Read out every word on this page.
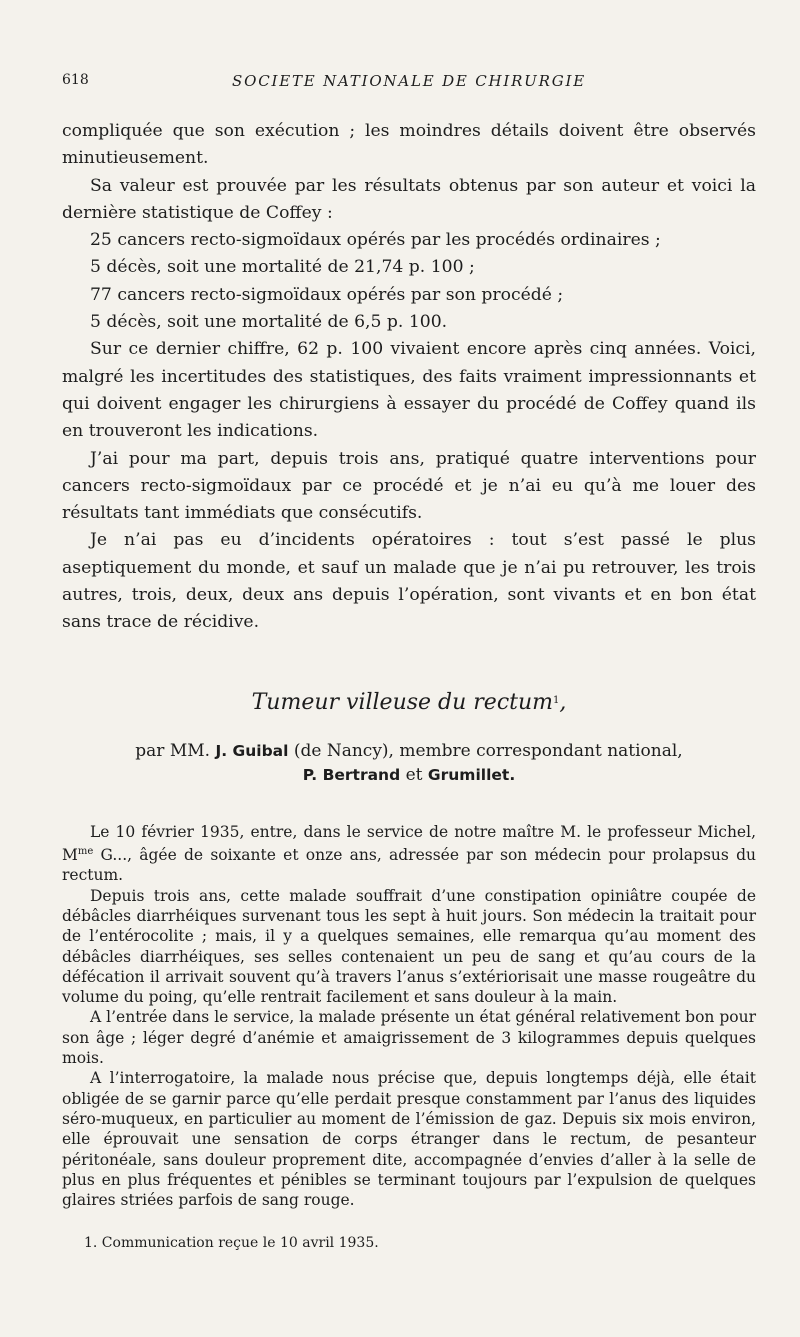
618	SOCIETE NATIONALE DE CHIRURGIE

compliquée que son exécution ; les moindres détails doivent être observés minutieusement.

Sa valeur est prouvée par les résultats obtenus par son auteur et voici la dernière statistique de Coffey :

25 cancers recto-sigmoïdaux opérés par les procédés ordinaires ;

5 décès, soit une mortalité de 21,74 p. 100 ;

77 cancers recto-sigmoïdaux opérés par son procédé ;

5 décès, soit une mortalité de 6,5 p. 100.

Sur ce dernier chiffre, 62 p. 100 vivaient encore après cinq années. Voici, malgré les incertitudes des statistiques, des faits vraiment impressionnants et qui doivent engager les chirurgiens à essayer du procédé de Coffey quand ils en trouveront les indications.

J’ai pour ma part, depuis trois ans, pratiqué quatre interventions pour cancers recto-sigmoïdaux par ce procédé et je n’ai eu qu’à me louer des résultats tant immédiats que consécutifs.

Je n’ai pas eu d’incidents opératoires : tout s’est passé le plus aseptiquement du monde, et sauf un malade que je n’ai pu retrouver, les trois autres, trois, deux, deux ans depuis l’opération, sont vivants et en bon état sans trace de récidive.

Tumeur villeuse du rectum$^1$,
par MM. J. Guibal (de Nancy), membre correspondant national,
P. Bertrand et Grumillet.

Le 10 février 1935, entre, dans le service de notre maître M. le professeur Michel, $M^{me}$ G..., âgée de soixante et onze ans, adressée par son médecin pour prolapsus du rectum.

Depuis trois ans, cette malade souffrait d’une constipation opiniâtre coupée de débâcles diarrhéiques survenant tous les sept à huit jours. Son médecin la traitait pour de l’entérocolite ; mais, il y a quelques semaines, elle remarqua qu’au moment des débâcles diarrhéiques, ses selles contenaient un peu de sang et qu’au cours de la défécation il arrivait souvent qu’à travers l’anus s’extériorisait une masse rougeâtre du volume du poing, qu’elle rentrait facilement et sans douleur à la main.

A l’entrée dans le service, la malade présente un état général relativement bon pour son âge ; léger degré d’anémie et amaigrissement de 3 kilogrammes depuis quelques mois.

A l’interrogatoire, la malade nous précise que, depuis longtemps déjà, elle était obligée de se garnir parce qu’elle perdait presque constamment par l’anus des liquides séro-muqueux, en particulier au moment de l’émission de gaz. Depuis six mois environ, elle éprouvait une sensation de corps étranger dans le rectum, de pesanteur péritonéale, sans douleur proprement dite, accompagnée d’envies d’aller à la selle de plus en plus fréquentes et pénibles se terminant toujours par l’expulsion de quelques glaires striées parfois de sang rouge.

1. Communication reçue le 10 avril 1935.
